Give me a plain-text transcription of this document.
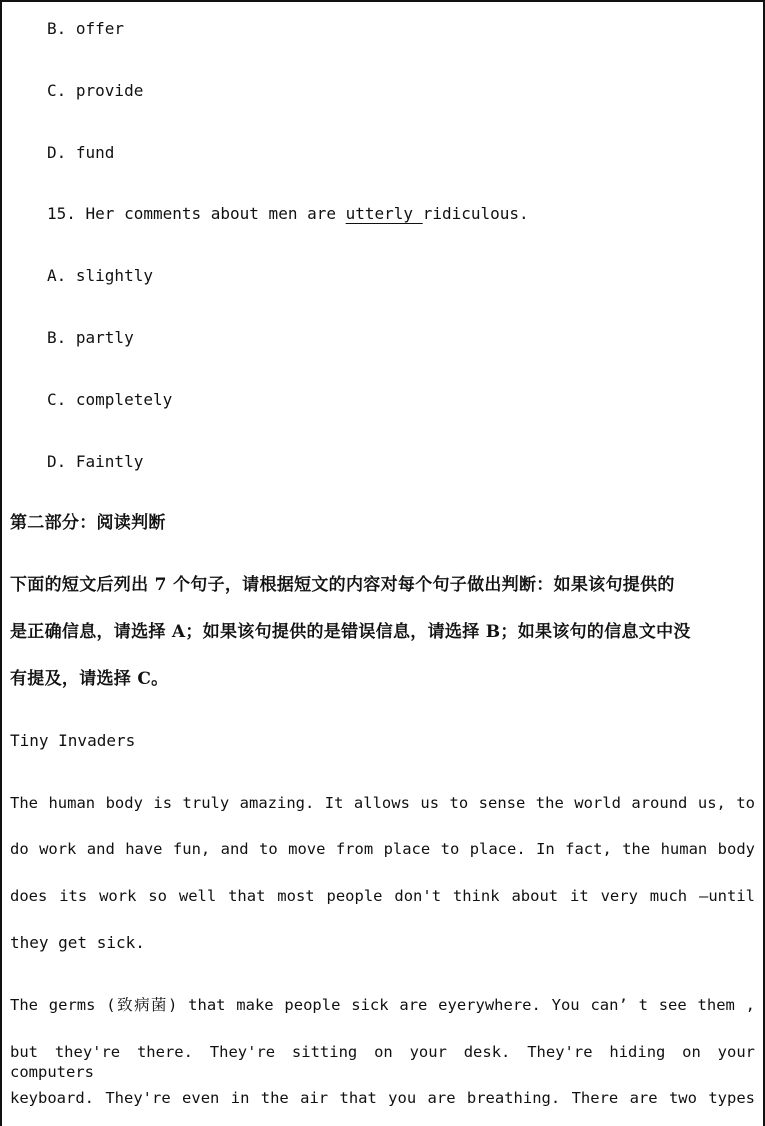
B. offer
C. provide
D. fund
15. Her comments about men are utterly ridiculous.
A. slightly
B. partly
C. completely
D. Faintly
第二部分：阅读判断
下面的短文后列出 7 个句子，请根据短文的内容对每个句子做出判断：如果该句提供的
是正确信息，请选择 A；如果该句提供的是错误信息，请选择 B；如果该句的信息文中没
有提及，请选择 C。
Tiny Invaders
The human body is truly amazing. It allows us to sense the world around us, to
do work and have fun, and to move from place to place. In fact, the human body
does its work so well that most people don't think about it very much —until
they get sick.
The germs (致病菌) that make people sick are eyerywhere. You can’ t see them ,
but they're there. They're sitting on your desk. They're hiding on your computers
keyboard. They're even in the air that you are breathing. There are two types
